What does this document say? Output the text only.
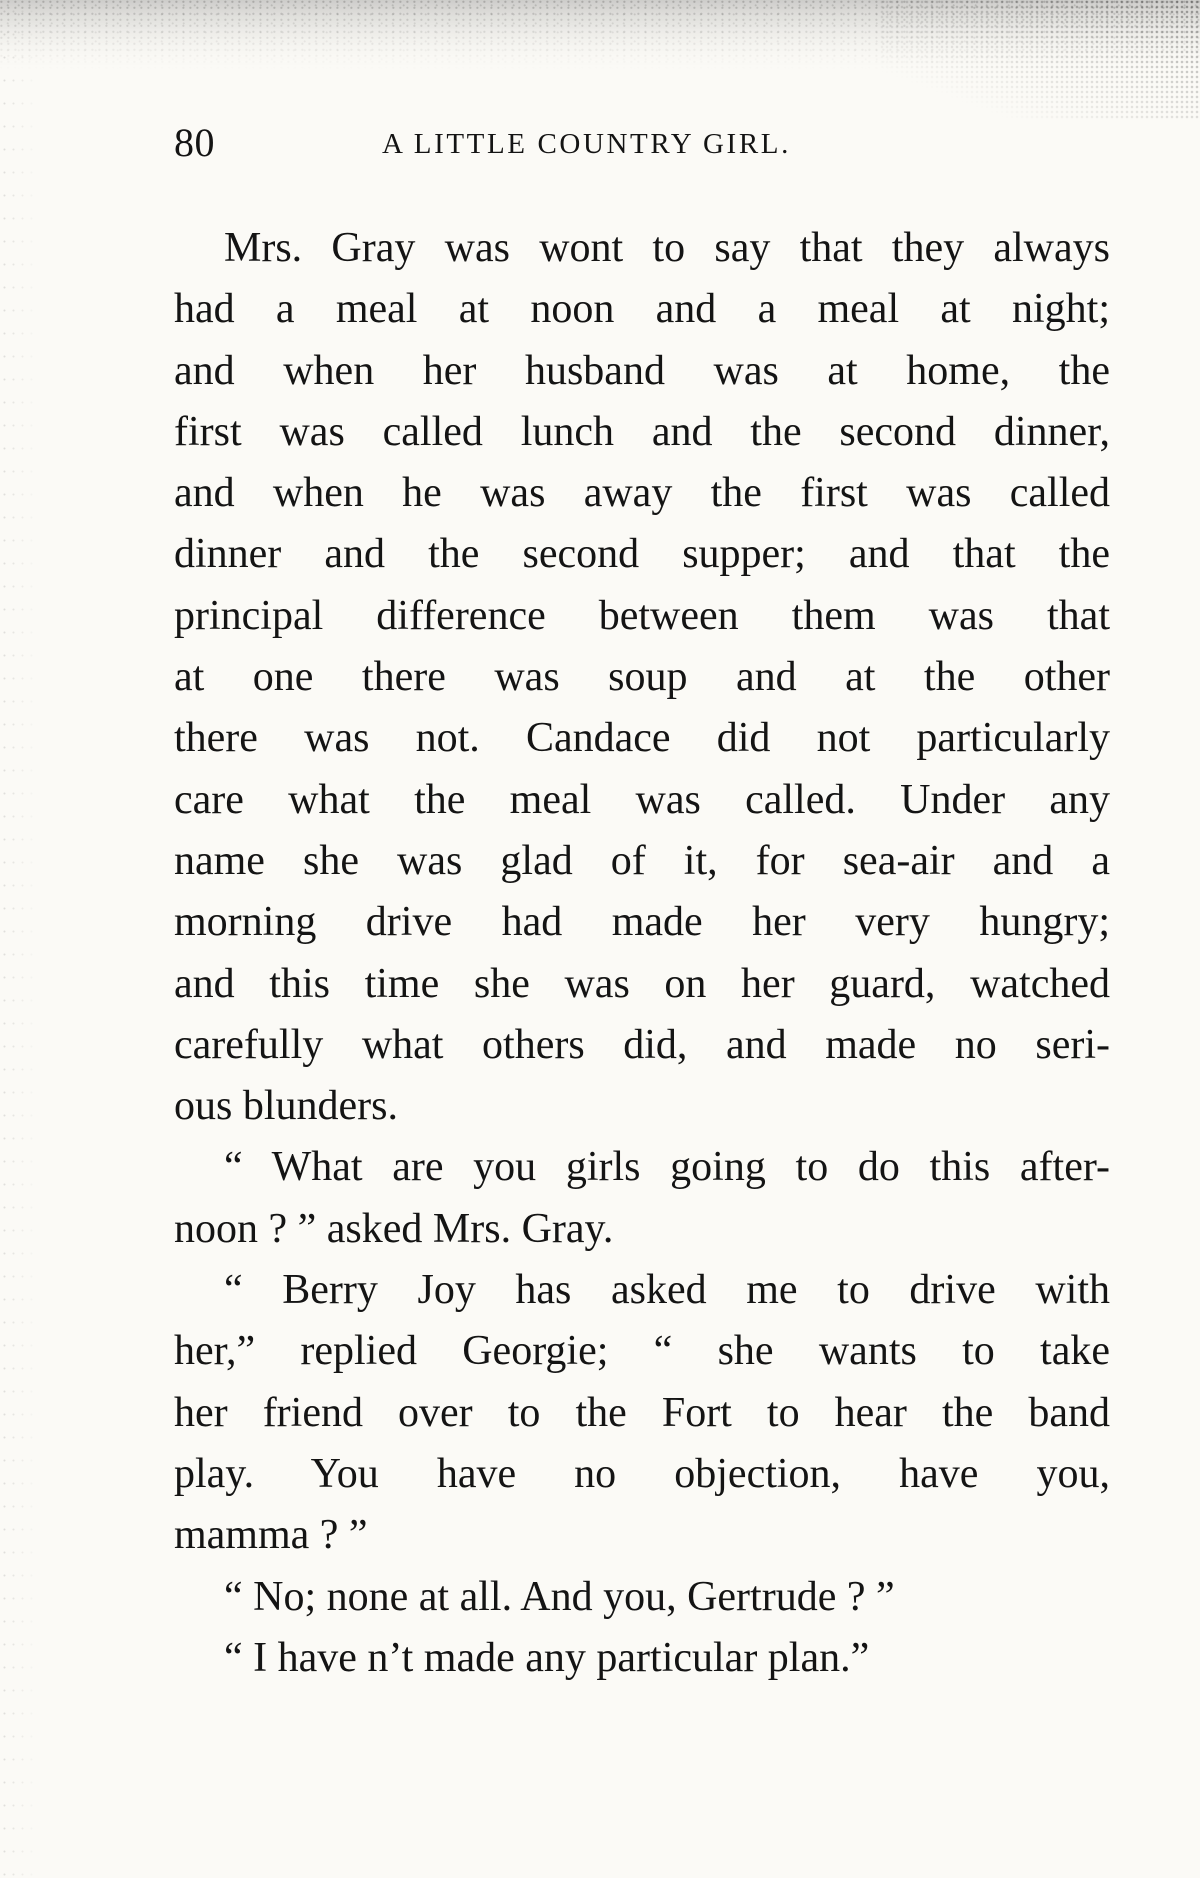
80	A LITTLE COUNTRY GIRL.
Mrs. Gray was wont to say that they always
had a meal at noon and a meal at night;
and when her husband was at home, the
first was called lunch and the second dinner,
and when he was away the first was called
dinner and the second supper; and that the
principal difference between them was that
at one there was soup and at the other
there was not. Candace did not particularly
care what the meal was called. Under any
name she was glad of it, for sea-air and a
morning drive had made her very hungry;
and this time she was on her guard, watched
carefully what others did, and made no seri-
ous blunders.
“ What are you girls going to do this after-
noon ? ” asked Mrs. Gray.
“ Berry Joy has asked me to drive with
her,” replied Georgie; “ she wants to take
her friend over to the Fort to hear the band
play. You have no objection, have you,
mamma ? ”
“ No; none at all. And you, Gertrude ? ”
“ I have n’t made any particular plan.”
